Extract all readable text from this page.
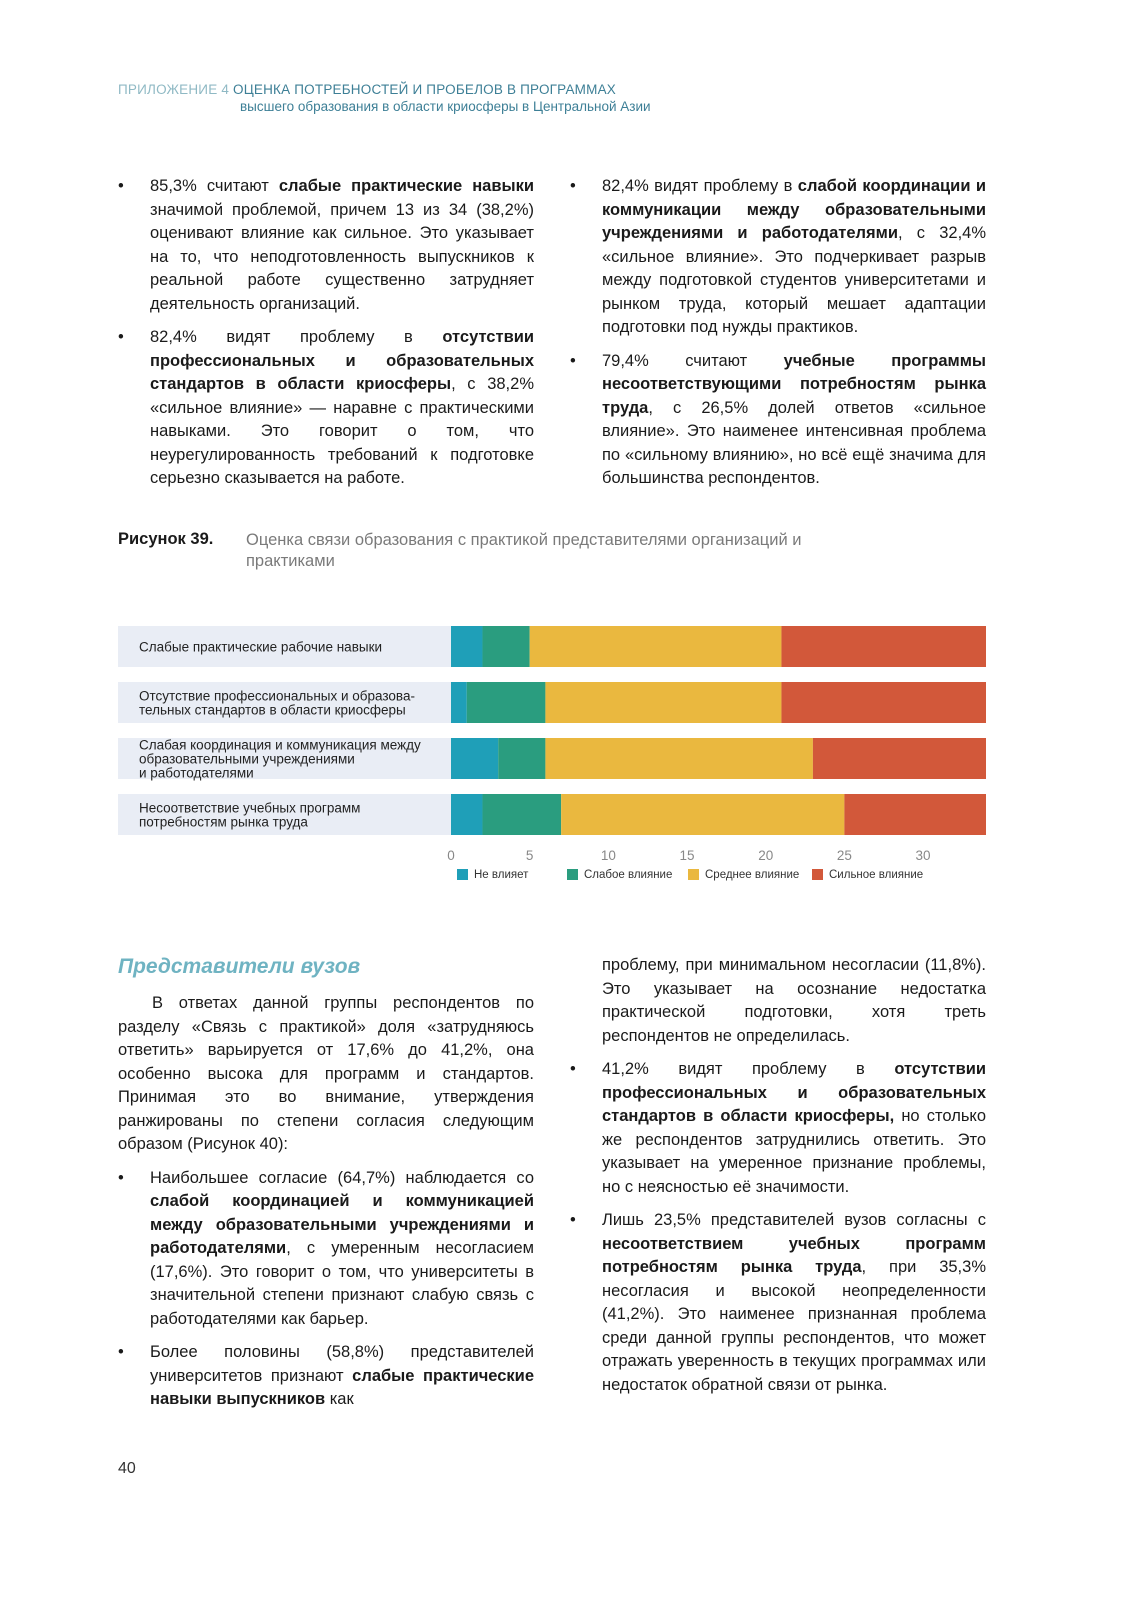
ПРИЛОЖЕНИЕ 4 ОЦЕНКА ПОТРЕБНОСТЕЙ И ПРОБЕЛОВ В ПРОГРАММАХ
высшего образования в области криосферы в Центральной Азии
• 85,3% считают слабые практические навыки значимой проблемой, причем 13 из 34 (38,2%) оценивают влияние как сильное. Это указывает на то, что неподготовленность выпускников к реальной работе существенно затрудняет деятельность организаций.
• 82,4% видят проблему в отсутствии профессиональных и образовательных стандартов в области криосферы, с 38,2% «сильное влияние» — наравне с практическими навыками. Это говорит о том, что неурегулированность требований к подготовке серьезно сказывается на работе.
• 82,4% видят проблему в слабой координации и коммуникации между образовательными учреждениями и работодателями, с 32,4% «сильное влияние». Это подчеркивает разрыв между подготовкой студентов университетами и рынком труда, который мешает адаптации подготовки под нужды практиков.
• 79,4% считают учебные программы несоответствующими потребностям рынка труда, с 26,5% долей ответов «сильное влияние». Это наименее интенсивная проблема по «сильному влиянию», но всё ещё значима для большинства респондентов.
Рисунок 39. Оценка связи образования с практикой представителями организаций и практиками
Слабые практические рабочие навыки
Отсутствие профессиональных и образова-
тельных стандартов в области криосферы
Слабая координация и коммуникация между
образовательными учреждениями
и работодателями
Несоответствие учебных программ
потребностям рынка труда
0	5	10	15	20	25	30
Не влияет	Слабое влияние	Среднее влияние	Сильное влияние
Представители вузов

В ответах данной группы респондентов по разделу «Связь с практикой» доля «затрудняюсь ответить» варьируется от 17,6% до 41,2%, она особенно высока для программ и стандартов. Принимая это во внимание, утверждения ранжированы по степени согласия следующим образом (Рисунок 40):

• Наибольшее согласие (64,7%) наблюдается со слабой координацией и коммуникацией между образовательными учреждениями и работодателями, с умеренным несогласием (17,6%). Это говорит о том, что университеты в значительной степени признают слабую связь с работодателями как барьер.
• Более половины (58,8%) представителей университетов признают слабые практические навыки выпускников как

проблему, при минимальном несогласии (11,8%). Это указывает на осознание недостатка практической подготовки, хотя треть респондентов не определилась.

• 41,2% видят проблему в отсутствии профессиональных и образовательных стандартов в области криосферы, но столько же респондентов затруднились ответить. Это указывает на умеренное признание проблемы, но с неясностью её значимости.
• Лишь 23,5% представителей вузов согласны с несоответствием учебных программ потребностям рынка труда, при 35,3% несогласия и высокой неопределенности (41,2%). Это наименее признанная проблема среди данной группы респондентов, что может отражать уверенность в текущих программах или недостаток обратной связи от рынка.
40
